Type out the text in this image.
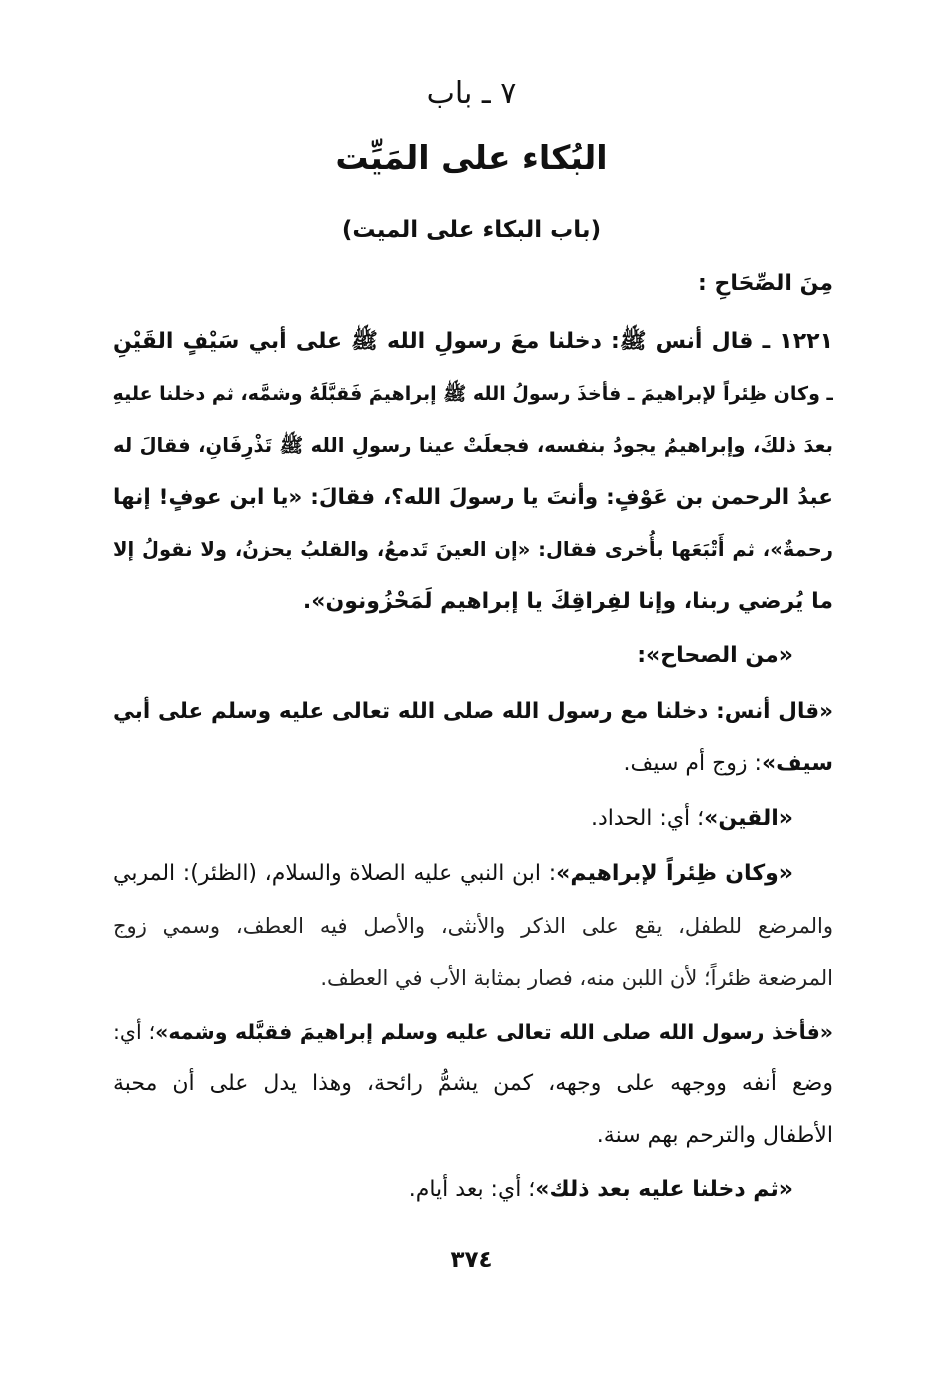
٧ ـ باب
البُكاء على المَيِّت
(باب البكاء على الميت)
مِنَ الصِّحَاحِ :
١٢٢١ ـ قال أنس ﷺ: دخلنا معَ رسولِ الله ﷺ على أبي سَيْفٍ القَيْنِ
ـ وكان ظِئراً لإبراهيمَ ـ فأخذَ رسولُ الله ﷺ إبراهيمَ فَقبَّلَهُ وشمَّه، ثم دخلنا عليهِ
بعدَ ذلكَ، وإبراهيمُ يجودُ بنفسه، فجعلَتْ عينا رسولِ الله ﷺ تَذْرِفَانِ، فقالَ له
عبدُ الرحمن بن عَوْفٍ: وأنتَ يا رسولَ الله؟، فقالَ: «يا ابن عوفٍ! إنها
رحمةٌ»، ثم أَتْبَعَها بأُخرى فقال: «إن العينَ تَدمعُ، والقلبُ يحزنُ، ولا نقولُ إلا
ما يُرضي ربنا، وإنا لفِراقِكَ يا إبراهيم لَمَحْزُونون».
«من الصحاح»:
«قال أنس: دخلنا مع رسول الله صلى الله تعالى عليه وسلم على أبي
سيف»: زوج أم سيف.
«القين»؛ أي: الحداد.
«وكان ظِئراً لإبراهيم»: ابن النبي عليه الصلاة والسلام، (الظئر): المربي
والمرضع للطفل، يقع على الذكر والأنثى، والأصل فيه العطف، وسمي زوج
المرضعة ظئراً؛ لأن اللبن منه، فصار بمثابة الأب في العطف.
«فأخذ رسول الله صلى الله تعالى عليه وسلم إبراهيمَ فقبَّله وشمه»؛ أي:
وضع أنفه ووجهه على وجهه، كمن يشمُّ رائحة، وهذا يدل على أن محبة
الأطفال والترحم بهم سنة.
«ثم دخلنا عليه بعد ذلك»؛ أي: بعد أيام.
٣٧٤
